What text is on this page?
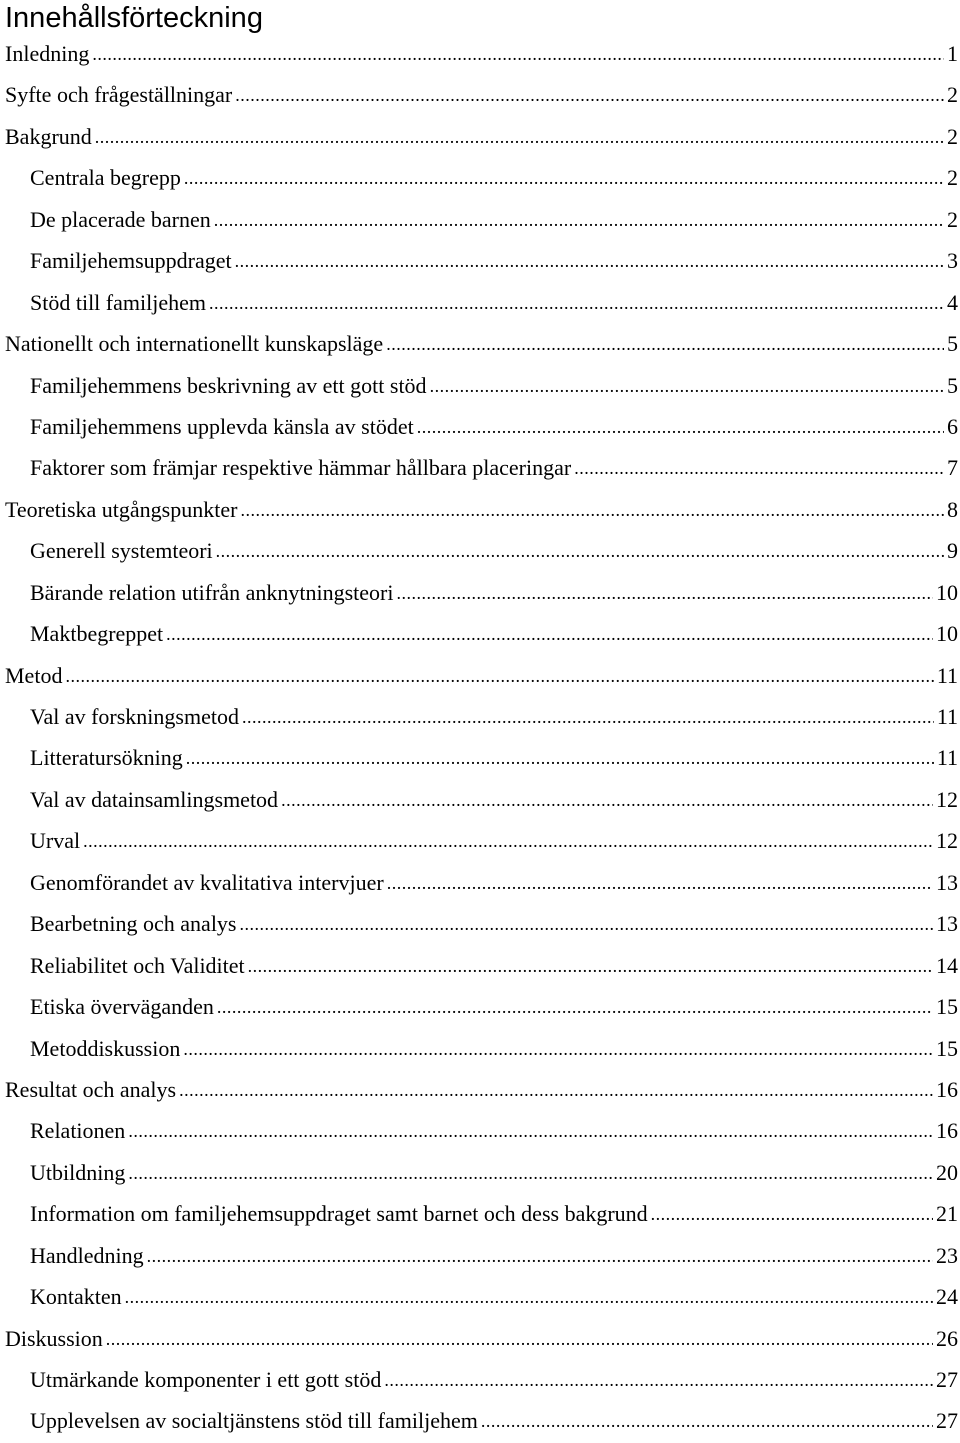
Innehållsförteckning
Inledning .....	1
Syfte och frågeställningar .....	2
Bakgrund .....	2
Centrala begrepp .....	2
De placerade barnen .....	2
Familjehemsuppdraget .....	3
Stöd till familjehem .....	4
Nationellt och internationellt kunskapsläge .....	5
Familjehemmens beskrivning av ett gott stöd .....	5
Familjehemmens upplevda känsla av stödet .....	6
Faktorer som främjar respektive hämmar hållbara placeringar .....	7
Teoretiska utgångspunkter .....	8
Generell systemteori .....	9
Bärande relation utifrån anknytningsteori .....	10
Maktbegreppet .....	10
Metod .....	11
Val av forskningsmetod .....	11
Litteratursökning .....	11
Val av datainsamlingsmetod .....	12
Urval .....	12
Genomförandet av kvalitativa intervjuer .....	13
Bearbetning och analys .....	13
Reliabilitet och Validitet .....	14
Etiska överväganden .....	15
Metoddiskussion .....	15
Resultat och analys .....	16
Relationen .....	16
Utbildning .....	20
Information om familjehemsuppdraget samt barnet och dess bakgrund .....	21
Handledning .....	23
Kontakten .....	24
Diskussion .....	26
Utmärkande komponenter i ett gott stöd .....	27
Upplevelsen av socialtjänstens stöd till familjehem .....	27
